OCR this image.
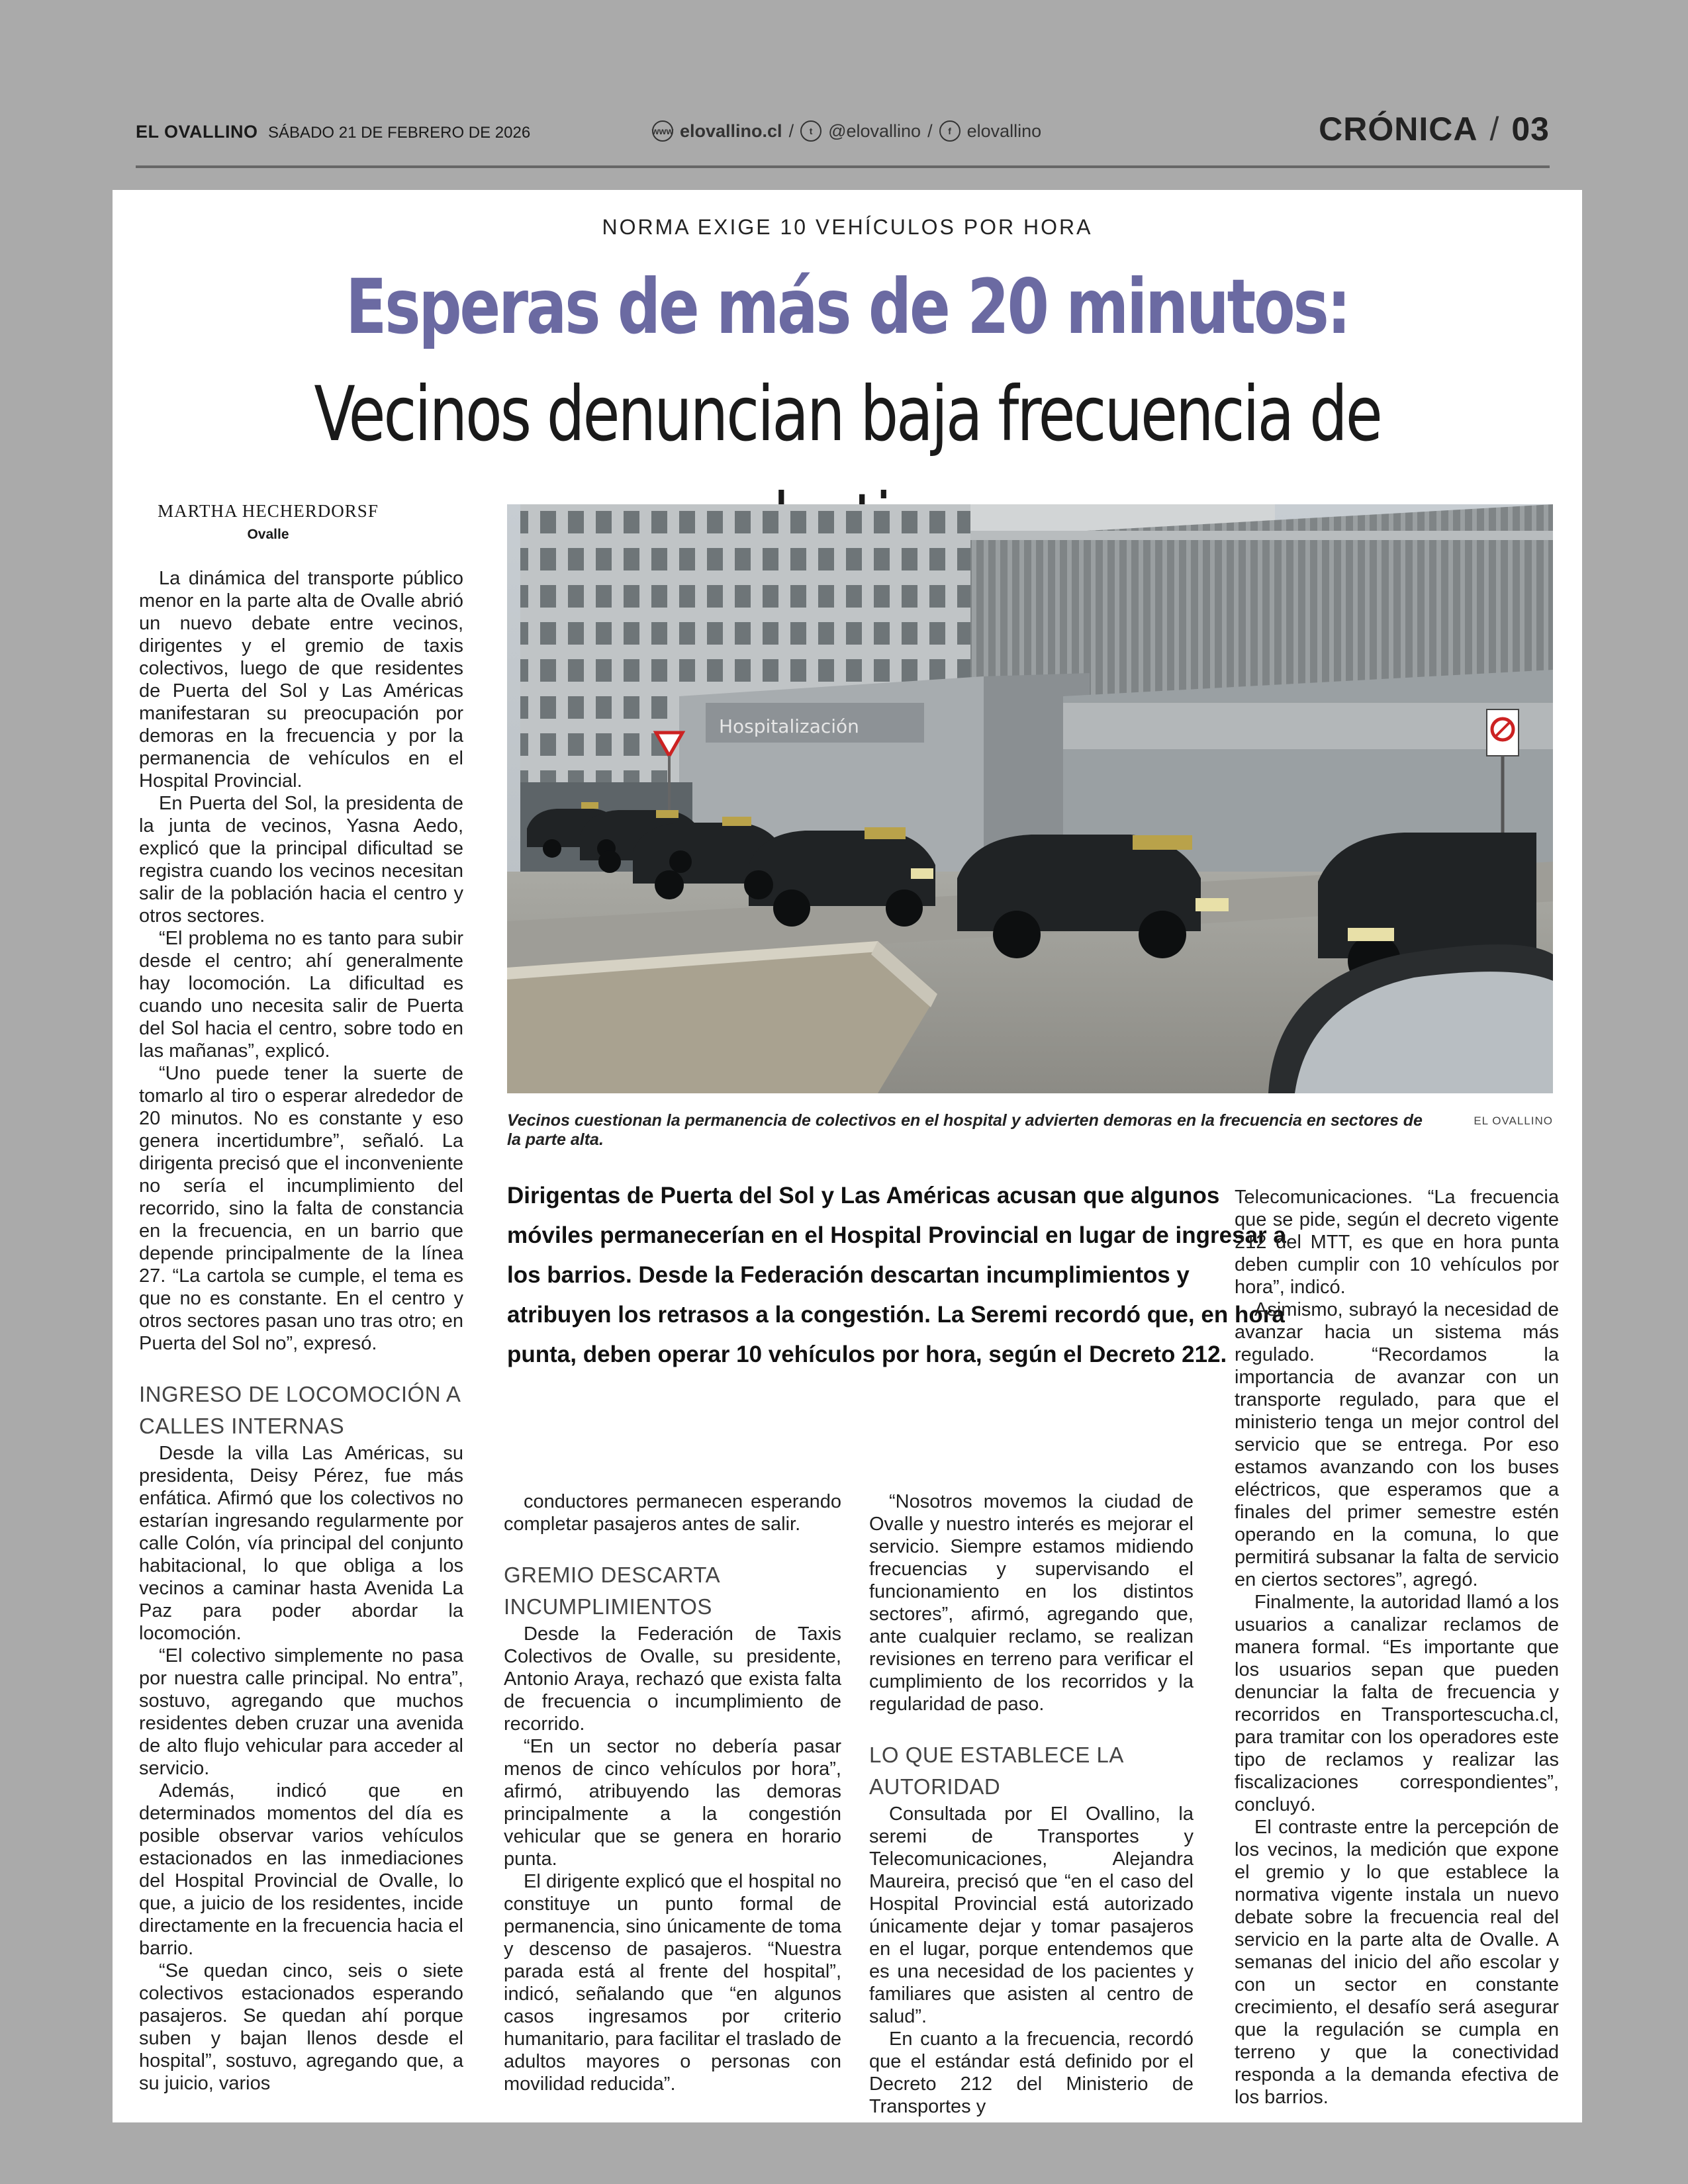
EL OVALLINO SÁBADO 21 DE FEBRERO DE 2026	www elovallino.cl /	t @elovallino /	f elovallino	CRÓNICA / 03
NORMA EXIGE 10 VEHÍCULOS POR HORA
Esperas de más de 20 minutos: Vecinos denuncian baja frecuencia de
MARTHA HECHERDORSF
Ovalle
Hospitalización
Vecinos cuestionan la permanencia de colectivos en el hospital y advierten demoras en la frecuencia en sectores de la parte alta.
EL OVALLINO
Dirigentas de Puerta del Sol y Las Américas acusan que algunos móviles permanecerían en el Hospital Provincial en lugar de ingresar a los barrios. Desde la Federación descartan incumplimientos y atribuyen los retrasos a la congestión. La Seremi recordó que, en hora punta, deben operar 10 vehículos por hora, según el Decreto 212.

La dinámica del transporte público menor en la parte alta de Ovalle abrió un nuevo debate entre vecinos, dirigentes y el gremio de taxis colectivos, luego de que residentes de Puerta del Sol y Las Américas manifestaran su preocupación por demoras en la frecuencia y por la permanencia de vehículos en el Hospital Provincial.

En Puerta del Sol, la presidenta de la junta de vecinos, Yasna Aedo, explicó que la principal dificultad se registra cuando los vecinos necesitan salir de la población hacia el centro y otros sectores.

“El problema no es tanto para subir desde el centro; ahí generalmente hay locomoción. La dificultad es cuando uno necesita salir de Puerta del Sol hacia el centro, sobre todo en las mañanas”, explicó.

“Uno puede tener la suerte de tomarlo al tiro o esperar alrededor de 20 minutos. No es constante y eso genera incertidumbre”, señaló. La dirigenta precisó que el inconveniente no sería el incumplimiento del recorrido, sino la falta de constancia en la frecuencia, en un barrio que depende principalmente de la línea 27. “La cartola se cumple, el tema es que no es constante. En el centro y otros sectores pasan uno tras otro; en Puerta del Sol no”, expresó.

INGRESO DE LOCOMOCIÓN A CALLES INTERNAS

Desde la villa Las Américas, su presidenta, Deisy Pérez, fue más enfática. Afirmó que los colectivos no estarían ingresando regularmente por calle Colón, vía principal del conjunto habitacional, lo que obliga a los vecinos a caminar hasta Avenida La Paz para poder abordar la locomoción.

“El colectivo simplemente no pasa por nuestra calle principal. No entra”, sostuvo, agregando que muchos residentes deben cruzar una avenida de alto flujo vehicular para acceder al servicio.

Además, indicó que en determinados momentos del día es posible observar varios vehículos estacionados en las inmediaciones del Hospital Provincial de Ovalle, lo que, a juicio de los residentes, incide directamente en la frecuencia hacia el barrio.

“Se quedan cinco, seis o siete colectivos estacionados esperando pasajeros. Se quedan ahí porque suben y bajan llenos desde el hospital”, sostuvo, agregando que, a su juicio, varios

conductores permanecen esperando completar pasajeros antes de salir.

GREMIO DESCARTA INCUMPLIMIENTOS

Desde la Federación de Taxis Colectivos de Ovalle, su presidente, Antonio Araya, rechazó que exista falta de frecuencia o incumplimiento de recorrido.

“En un sector no debería pasar menos de cinco vehículos por hora”, afirmó, atribuyendo las demoras principalmente a la congestión vehicular que se genera en horario punta.

El dirigente explicó que el hospital no constituye un punto formal de permanencia, sino únicamente de toma y descenso de pasajeros. “Nuestra parada está al frente del hospital”, indicó, señalando que “en algunos casos ingresamos por criterio humanitario, para facilitar el traslado de adultos mayores o personas con movilidad reducida”.

“Nosotros movemos la ciudad de Ovalle y nuestro interés es mejorar el servicio. Siempre estamos midiendo frecuencias y supervisando el funcionamiento en los distintos sectores”, afirmó, agregando que, ante cualquier reclamo, se realizan revisiones en terreno para verificar el cumplimiento de los recorridos y la regularidad de paso.

LO QUE ESTABLECE LA AUTORIDAD

Consultada por El Ovallino, la seremi de Transportes y Telecomunicaciones, Alejandra Maureira, precisó que “en el caso del Hospital Provincial está autorizado únicamente dejar y tomar pasajeros en el lugar, porque entendemos que es una necesidad de los pacientes y familiares que asisten al centro de salud”.

En cuanto a la frecuencia, recordó que el estándar está definido por el Decreto 212 del Ministerio de Transportes y

Telecomunicaciones. “La frecuencia que se pide, según el decreto vigente 212 del MTT, es que en hora punta deben cumplir con 10 vehículos por hora”, indicó.

Asimismo, subrayó la necesidad de avanzar hacia un sistema más regulado. “Recordamos la importancia de avanzar con un transporte regulado, para que el ministerio tenga un mejor control del servicio que se entrega. Por eso estamos avanzando con los buses eléctricos, que esperamos que a finales del primer semestre estén operando en la comuna, lo que permitirá subsanar la falta de servicio en ciertos sectores”, agregó.

Finalmente, la autoridad llamó a los usuarios a canalizar reclamos de manera formal. “Es importante que los usuarios sepan que pueden denunciar la falta de frecuencia y recorridos en Transportescucha.cl, para tramitar con los operadores este tipo de reclamos y realizar las fiscalizaciones correspondientes”, concluyó.

El contraste entre la percepción de los vecinos, la medición que expone el gremio y lo que establece la normativa vigente instala un nuevo debate sobre la frecuencia real del servicio en la parte alta de Ovalle. A semanas del inicio del año escolar y con un sector en constante crecimiento, el desafío será asegurar que la regulación se cumpla en terreno y que la conectividad responda a la demanda efectiva de los barrios.
